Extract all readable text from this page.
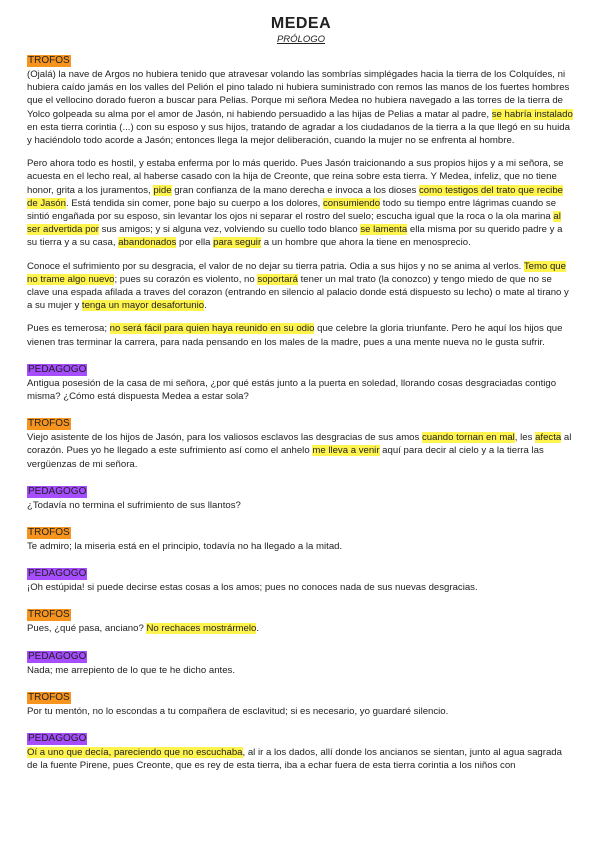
MEDEA

PRÓLOGO

TROFOS

(Ojalá) la nave de Argos no hubiera tenido que atravesar volando las sombrías simplégades hacia la tierra de los Colquídes, ni hubiera caído jamás en los valles del Pelión el pino talado ni hubiera suministrado con remos las manos de los fuertes hombres que el vellocino dorado fueron a buscar para Pelias. Porque mi señora Medea no hubiera navegado a las torres de la tierra de Yolco golpeada su alma por el amor de Jasón, ni habiendo persuadido a las hijas de Pelias a matar al padre, se habría instalado en esta tierra corintia (...) con su esposo y sus hijos, tratando de agradar a los ciudadanos de la tierra a la que llegó en su huida y haciéndolo todo acorde a Jasón; entonces llega la mejor deliberación, cuando la mujer no se enfrenta al hombre.

Pero ahora todo es hostil, y estaba enferma por lo más querido. Pues Jasón traicionando a sus propios hijos y a mi señora, se acuesta en el lecho real, al haberse casado con la hija de Creonte, que reina sobre esta tierra. Y Medea, infeliz, que no tiene honor, grita a los juramentos, pide gran confianza de la mano derecha e invoca a los dioses como testigos del trato que recibe de Jasón. Está tendida sin comer, pone bajo su cuerpo a los dolores, consumiendo todo su tiempo entre lágrimas cuando se sintió engañada por su esposo, sin levantar los ojos ni separar el rostro del suelo; escucha igual que la roca o la ola marina al ser advertida por sus amigos; y si alguna vez, volviendo su cuello todo blanco se lamenta ella misma por su querido padre y a su tierra y a su casa, abandonados por ella para seguir a un hombre que ahora la tiene en menosprecio.

Conoce el sufrimiento por su desgracia, el valor de no dejar su tierra patria. Odia a sus hijos y no se anima al verlos. Temo que no trame algo nuevo; pues su corazón es violento, no soportará tener un mal trato (la conozco) y tengo miedo de que no se clave una espada afilada a traves del corazon (entrando en silencio al palacio donde está dispuesto su lecho) o mate al tirano y a su mujer y tenga un mayor desafortunio.

Pues es temerosa; no será fácil para quien haya reunido en su odio que celebre la gloria triunfante. Pero he aquí los hijos que vienen tras terminar la carrera, para nada pensando en los males de la madre, pues a una mente nueva no le gusta sufrir.

PEDAGOGO

Antigua posesión de la casa de mi señora, ¿por qué estás junto a la puerta en soledad, llorando cosas desgraciadas contigo misma? ¿Cómo está dispuesta Medea a estar sola?

TROFOS

Viejo asistente de los hijos de Jasón, para los valiosos esclavos las desgracias de sus amos cuando tornan en mal, les afecta al corazón. Pues yo he llegado a este sufrimiento así como el anhelo me lleva a venir aquí para decir al cielo y a la tierra las vergüenzas de mi señora.

PEDAGOGO

¿Todavía no termina el sufrimiento de sus llantos?

TROFOS

Te admiro; la miseria está en el principio, todavía no ha llegado a la mitad.

PEDAGOGO

¡Oh estúpida! si puede decirse estas cosas a los amos; pues no conoces nada de sus nuevas desgracias.

TROFOS

Pues, ¿qué pasa, anciano? No rechaces mostrármelo.

PEDAGOGO

Nada; me arrepiento de lo que te he dicho antes.

TROFOS

Por tu mentón, no lo escondas a tu compañera de esclavitud; si es necesario, yo guardaré silencio.

PEDAGOGO

Oí a uno que decía, pareciendo que no escuchaba, al ir a los dados, allí donde los ancianos se sientan, junto al agua sagrada de la fuente Pirene, pues Creonte, que es rey de esta tierra, iba a echar fuera de esta tierra corintia a los niños con
